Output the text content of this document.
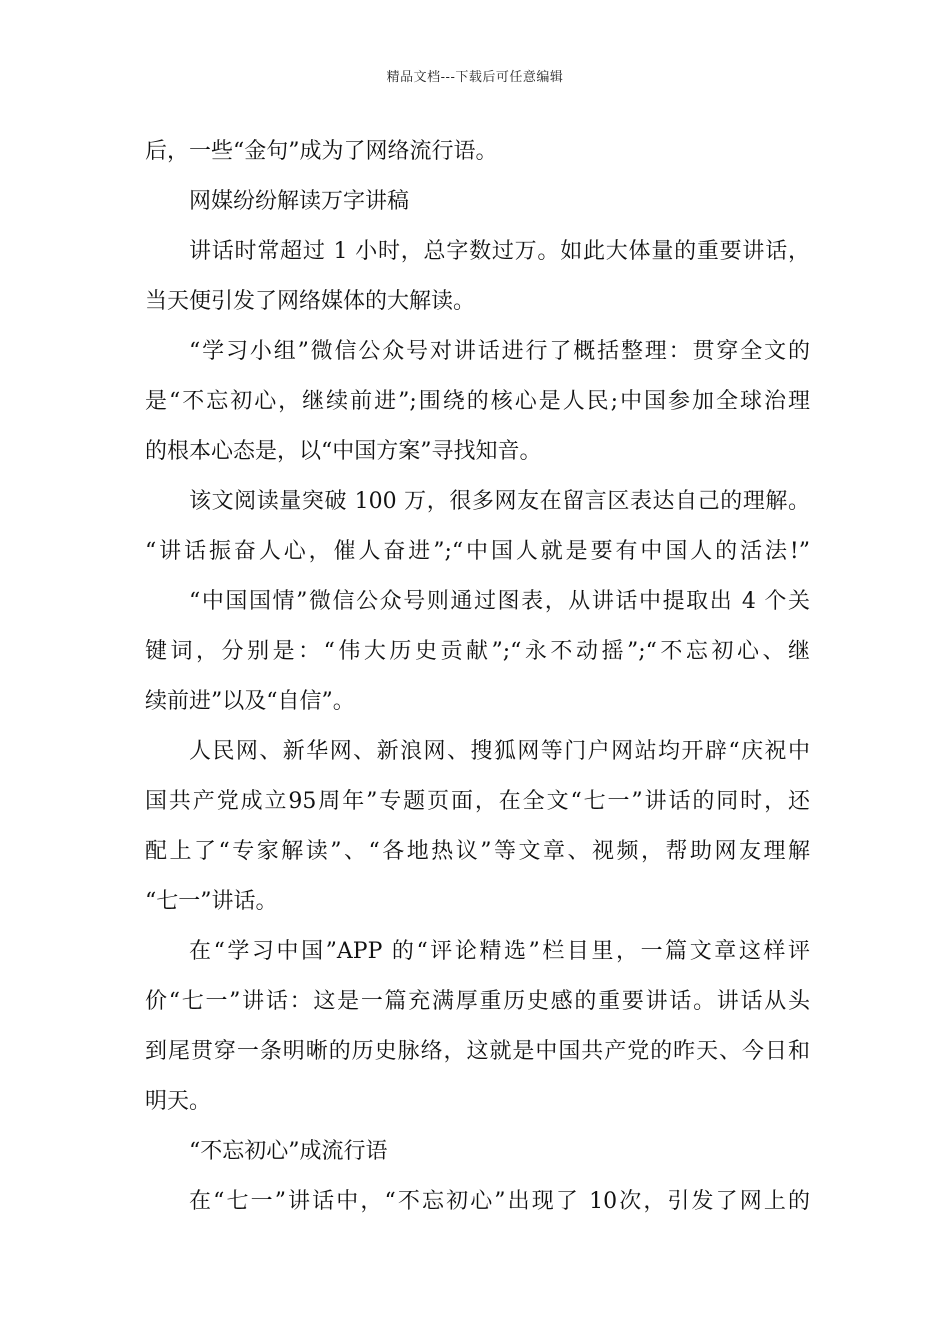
精品文档---下载后可任意编辑
后，一些“金句”成为了网络流行语。
网媒纷纷解读万字讲稿
讲话时常超过 1 小时，总字数过万。如此大体量的重要讲话，
当天便引发了网络媒体的大解读。
“学习小组”微信公众号对讲话进行了概括整理：贯穿全文的
是“不忘初心，继续前进”;围绕的核心是人民;中国参加全球治理
的根本心态是，以“中国方案”寻找知音。
该文阅读量突破 100 万，很多网友在留言区表达自己的理解。
“讲话振奋人心，催人奋进”;“中国人就是要有中国人的活法!”
“中国国情”微信公众号则通过图表，从讲话中提取出 4 个关
键词，分别是：“伟大历史贡献”;“永不动摇”;“不忘初心、继
续前进”以及“自信”。
人民网、新华网、新浪网、搜狐网等门户网站均开辟“庆祝中
国共产党成立95周年”专题页面，在全文“七一”讲话的同时，还
配上了“专家解读”、“各地热议”等文章、视频，帮助网友理解
“七一”讲话。
在“学习中国”APP 的“评论精选”栏目里，一篇文章这样评
价“七一”讲话：这是一篇充满厚重历史感的重要讲话。讲话从头
到尾贯穿一条明晰的历史脉络，这就是中国共产党的昨天、今日和
明天。
“不忘初心”成流行语
在“七一”讲话中，“不忘初心”出现了 10次，引发了网上的
